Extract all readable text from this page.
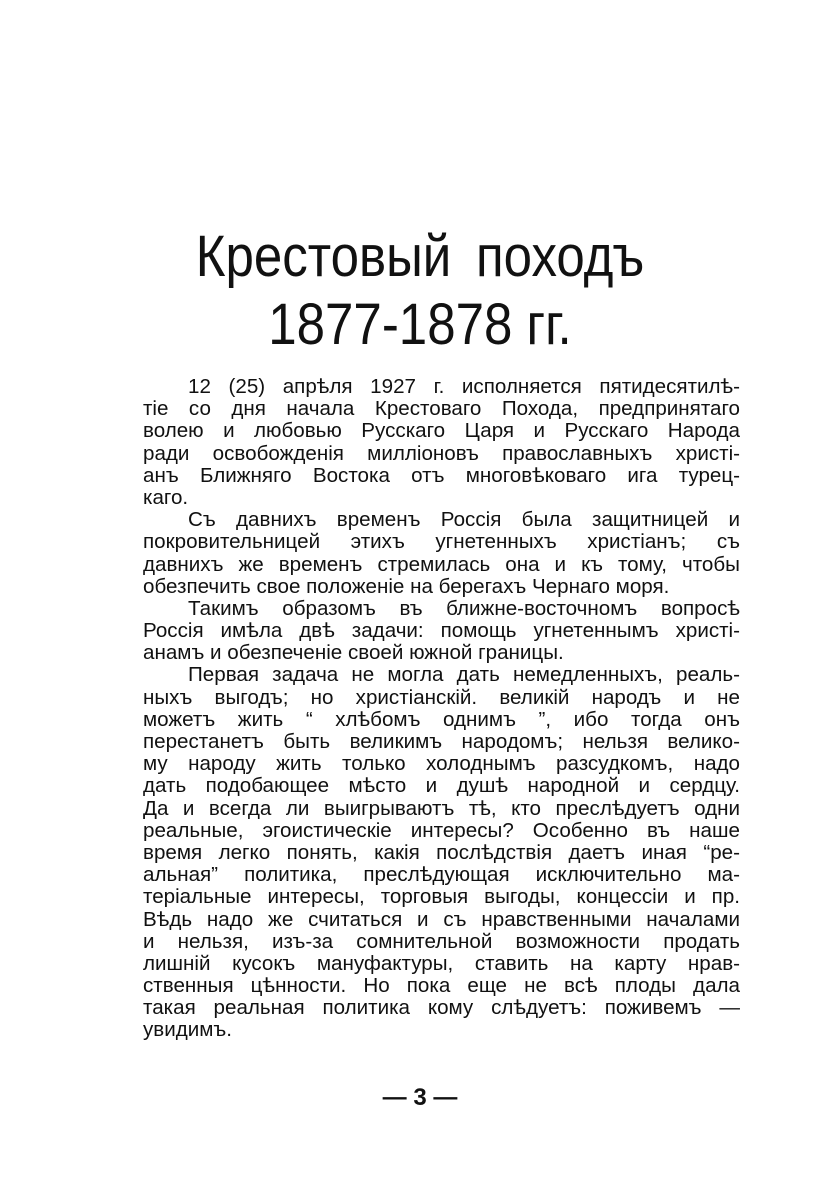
Крестовый походъ
1877-1878 гг.
12 (25) апрѣля 1927 г. исполняется пятидесятилѣ-
тіе со дня начала Крестоваго Похода, предпринятаго
волею и любовью Русскаго Царя и Русскаго Народа
ради освобожденія милліоновъ православныхъ христі-
анъ Ближняго Востока отъ многовѣковаго ига турец-
каго.
Съ давнихъ временъ Россія была защитницей и
покровительницей этихъ угнетенныхъ христіанъ; съ
давнихъ же временъ стремилась она и къ тому, чтобы
обезпечить свое положеніе на берегахъ Чернаго моря.
Такимъ образомъ въ ближне-восточномъ вопросѣ
Россія имѣла двѣ задачи: помощь угнетеннымъ христі-
анамъ и обезпеченіе своей южной границы.
Первая задача не могла дать немедленныхъ, реаль-
ныхъ выгодъ; но христіанскій. великій народъ и не
можетъ жить “ хлѣбомъ однимъ ”, ибо тогда онъ
перестанетъ быть великимъ народомъ; нельзя велико-
му народу жить только холоднымъ разсудкомъ, надо
дать подобающее мѣсто и душѣ народной и сердцу.
Да и всегда ли выигрываютъ тѣ, кто преслѣдуетъ одни
реальные, эгоистическіе интересы? Особенно въ наше
время легко понять, какія послѣдствія даетъ иная “ре-
альная” политика, преслѣдующая исключительно ма-
теріальные интересы, торговыя выгоды, концессіи и пр.
Вѣдь надо же считаться и съ нравственными началами
и нельзя, изъ-за сомнительной возможности продать
лишній кусокъ мануфактуры, ставить на карту нрав-
ственныя цѣнности. Но пока еще не всѣ плоды дала
такая реальная политика кому слѣдуетъ: поживемъ —
увидимъ.
— 3 —
